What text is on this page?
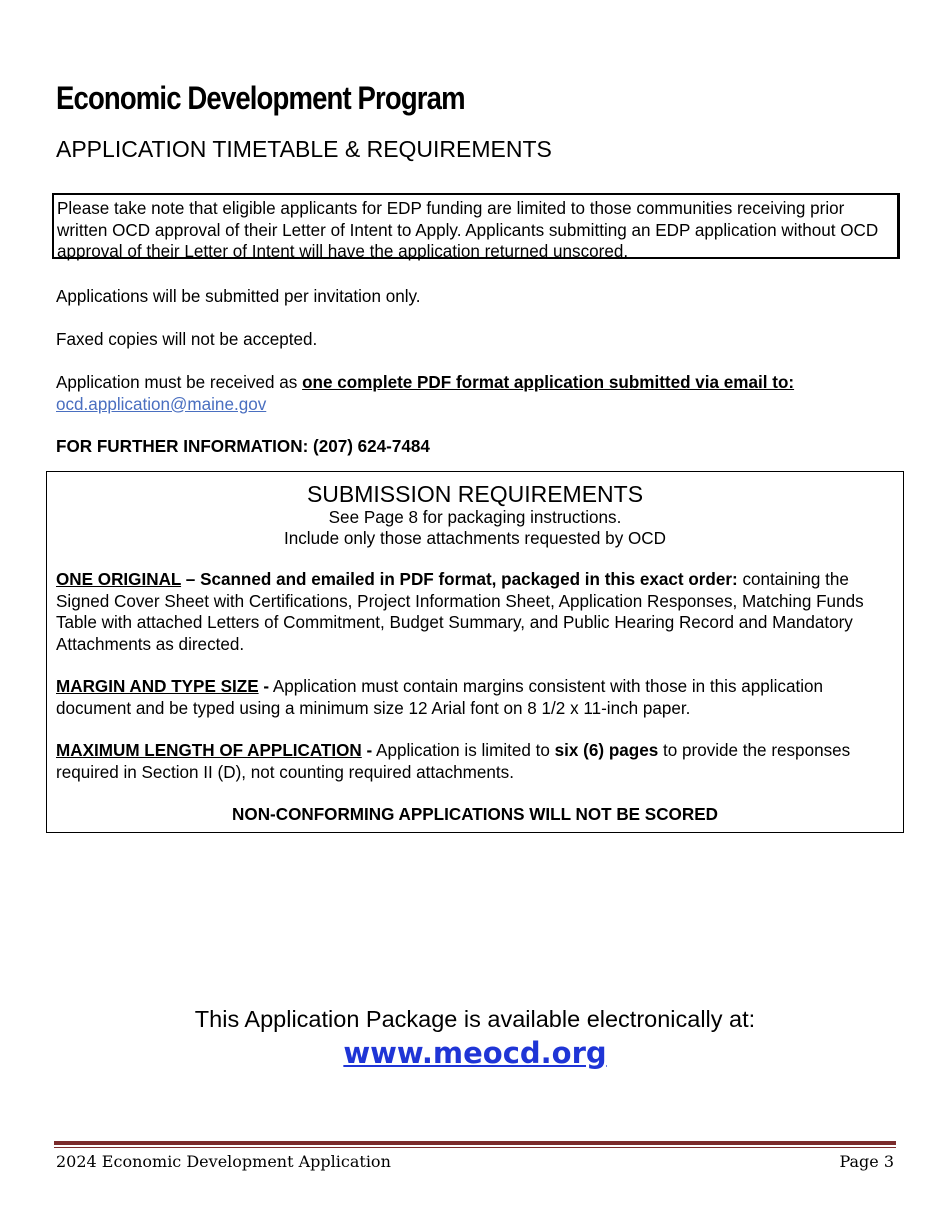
Economic Development Program
APPLICATION TIMETABLE & REQUIREMENTS
Please take note that eligible applicants for EDP funding are limited to those communities receiving prior written OCD approval of their Letter of Intent to Apply. Applicants submitting an EDP application without OCD approval of their Letter of Intent will have the application returned unscored.

Applications will be submitted per invitation only.

Faxed copies will not be accepted.

Application must be received as one complete PDF format application submitted via email to:
ocd.application@maine.gov

FOR FURTHER INFORMATION: (207) 624-7484

SUBMISSION REQUIREMENTS
See Page 8 for packaging instructions.
Include only those attachments requested by OCD

ONE ORIGINAL – Scanned and emailed in PDF format, packaged in this exact order: containing the Signed Cover Sheet with Certifications, Project Information Sheet, Application Responses, Matching Funds Table with attached Letters of Commitment, Budget Summary, and Public Hearing Record and Mandatory Attachments as directed.

MARGIN AND TYPE SIZE - Application must contain margins consistent with those in this application document and be typed using a minimum size 12 Arial font on 8 1/2 x 11-inch paper.

MAXIMUM LENGTH OF APPLICATION - Application is limited to six (6) pages to provide the responses required in Section II (D), not counting required attachments.

NON-CONFORMING APPLICATIONS WILL NOT BE SCORED

This Application Package is available electronically at:
www.meocd.org
2024 Economic Development Application	Page 3
